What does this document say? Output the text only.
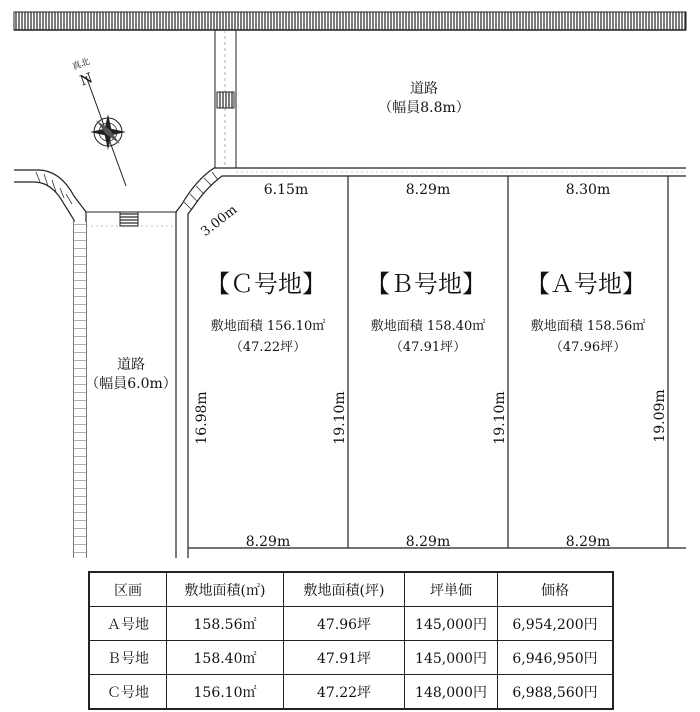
真北
N	道路
（幅員8.8m）
道路
（幅員6.0m）
3.00m
6.15m	8.29m	8.30m
8.29m	8.29m	8.29m
16.98m	19.10m	19.10m	19.09m
【Ｃ号地】 【Ｂ号地】 【Ａ号地】
敷地面積 156.10㎡
（47.22坪）
敷地面積 158.40㎡
（47.91坪）
敷地面積 158.56㎡
（47.96坪）
区画	敷地面積(㎡)	敷地面積(坪)	坪単価	価格
Ａ号地	158.56㎡	47.96坪	145,000円	6,954,200円
Ｂ号地	158.40㎡	47.91坪	145,000円	6,946,950円
Ｃ号地	156.10㎡	47.22坪	148,000円	6,988,560円
